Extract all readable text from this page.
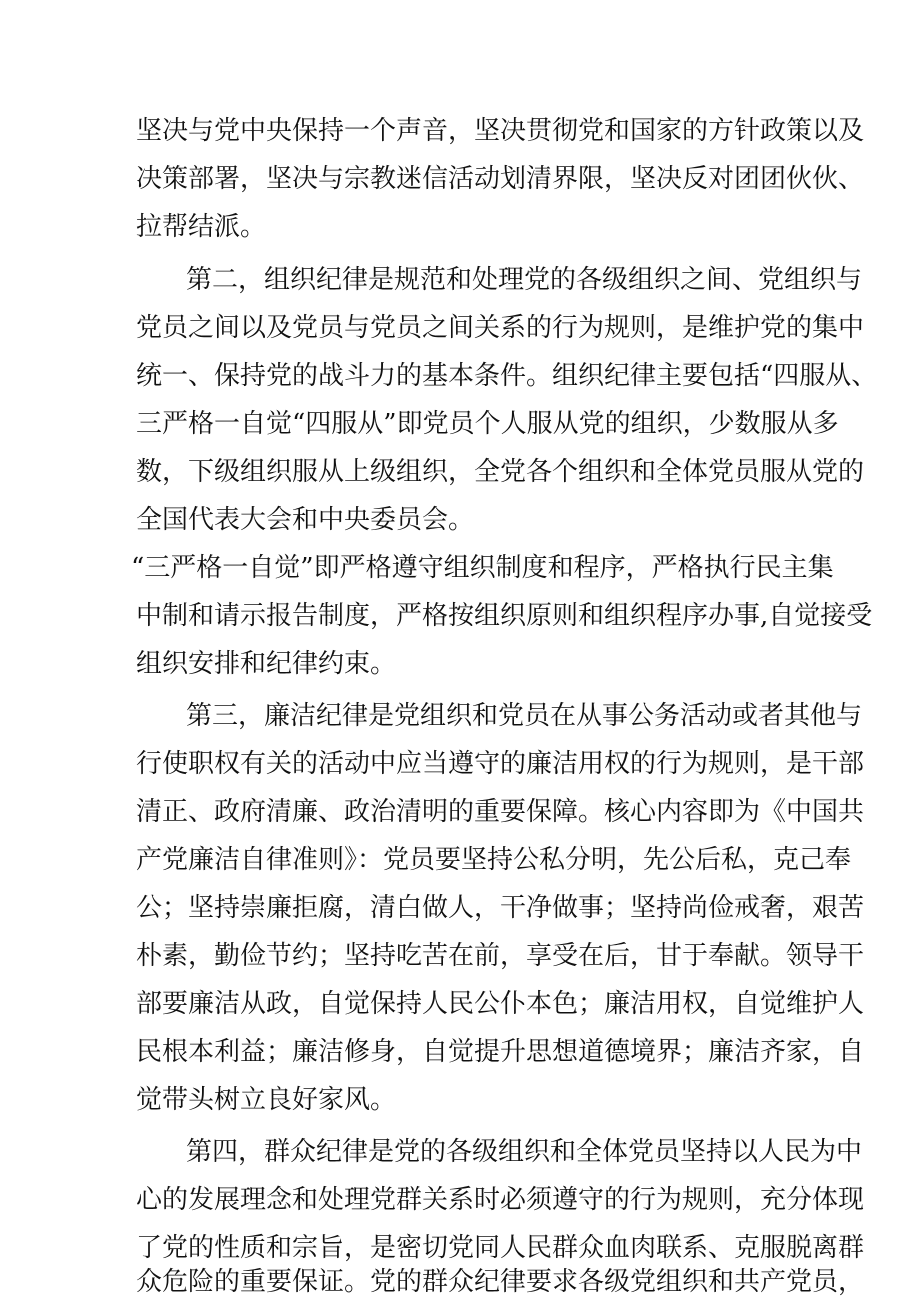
坚决与党中央保持一个声音，坚决贯彻党和国家的方针政策以及
决策部署，坚决与宗教迷信活动划清界限，坚决反对团团伙伙、
拉帮结派。
第二，组织纪律是规范和处理党的各级组织之间、党组织与
党员之间以及党员与党员之间关系的行为规则，是维护党的集中
统一、保持党的战斗力的基本条件。组织纪律主要包括“四服从、
三严格一自觉“四服从”即党员个人服从党的组织，少数服从多
数，下级组织服从上级组织，全党各个组织和全体党员服从党的
全国代表大会和中央委员会。
“三严格一自觉”即严格遵守组织制度和程序，严格执行民主集
中制和请示报告制度，严格按组织原则和组织程序办事,自觉接受
组织安排和纪律约束。
第三，廉洁纪律是党组织和党员在从事公务活动或者其他与
行使职权有关的活动中应当遵守的廉洁用权的行为规则，是干部
清正、政府清廉、政治清明的重要保障。核心内容即为《中国共
产党廉洁自律准则》：党员要坚持公私分明，先公后私，克己奉
公；坚持崇廉拒腐，清白做人，干净做事；坚持尚俭戒奢，艰苦
朴素，勤俭节约；坚持吃苦在前，享受在后，甘于奉献。领导干
部要廉洁从政，自觉保持人民公仆本色；廉洁用权，自觉维护人
民根本利益；廉洁修身，自觉提升思想道德境界；廉洁齐家，自
觉带头树立良好家风。
第四，群众纪律是党的各级组织和全体党员坚持以人民为中
心的发展理念和处理党群关系时必须遵守的行为规则，充分体现
了党的性质和宗旨，是密切党同人民群众血肉联系、克服脱离群
众危险的重要保证。党的群众纪律要求各级党组织和共产党员，
